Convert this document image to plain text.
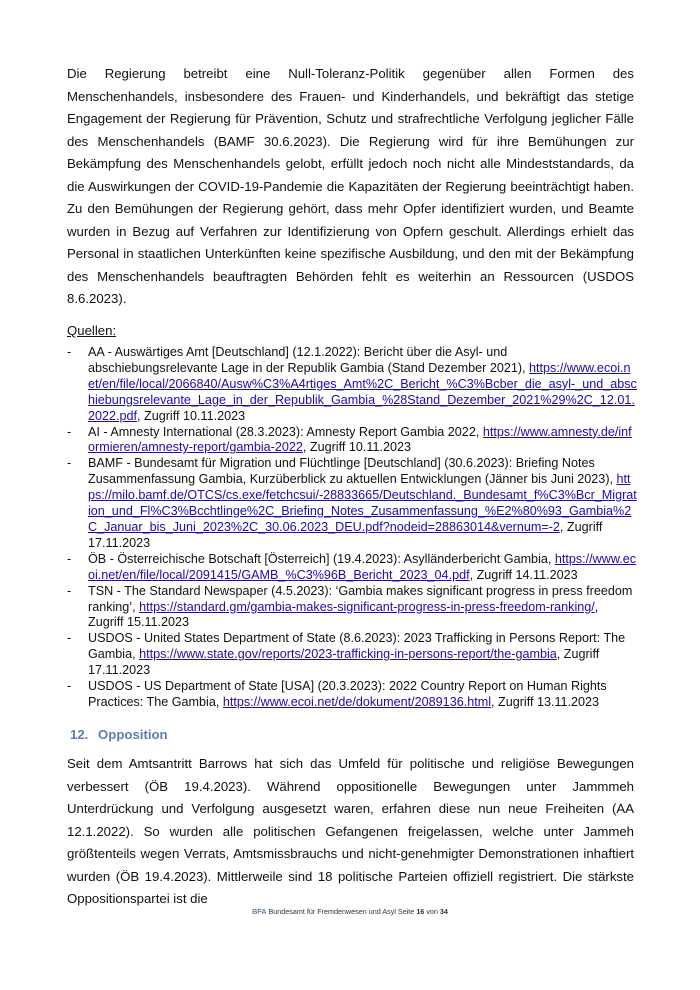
Die Regierung betreibt eine Null-Toleranz-Politik gegenüber allen Formen des Menschenhandels, insbesondere des Frauen- und Kinderhandels, und bekräftigt das stetige Engagement der Regierung für Prävention, Schutz und strafrechtliche Verfolgung jeglicher Fälle des Menschenhandels (BAMF 30.6.2023). Die Regierung wird für ihre Bemühungen zur Bekämpfung des Menschenhandels gelobt, erfüllt jedoch noch nicht alle Mindeststandards, da die Auswirkungen der COVID-19-Pandemie die Kapazitäten der Regierung beeinträchtigt haben. Zu den Bemühungen der Regierung gehört, dass mehr Opfer identifiziert wurden, und Beamte wurden in Bezug auf Verfahren zur Identifizierung von Opfern geschult. Allerdings erhielt das Personal in staatlichen Unterkünften keine spezifische Ausbildung, und den mit der Bekämpfung des Menschenhandels beauftragten Behörden fehlt es weiterhin an Ressourcen (USDOS 8.6.2023).

Quellen:

- AA - Auswärtiges Amt [Deutschland] (12.1.2022): Bericht über die Asyl- und abschiebungsrelevante Lage in der Republik Gambia (Stand Dezember 2021), https://www.ecoi.net/en/file/local/2066840/Ausw%C3%A4rtiges_Amt%2C_Bericht_%C3%Bcber_die_asyl-_und_abschiebungsrelevante_Lage_in_der_Republik_Gambia_%28Stand_Dezember_2021%29%2C_12.01.2022.pdf, Zugriff 10.11.2023
- AI - Amnesty International (28.3.2023): Amnesty Report Gambia 2022, https://www.amnesty.de/informieren/amnesty-report/gambia-2022, Zugriff 10.11.2023
- BAMF - Bundesamt für Migration und Flüchtlinge [Deutschland] (30.6.2023): Briefing Notes Zusammenfassung Gambia, Kurzüberblick zu aktuellen Entwicklungen (Jänner bis Juni 2023), https://milo.bamf.de/OTCS/cs.exe/fetchcsui/-28833665/Deutschland._Bundesamt_f%C3%Bcr_Migration_und_Fl%C3%Bcchtlinge%2C_Briefing_Notes_Zusammenfassung_%E2%80%93_Gambia%2C_Januar_bis_Juni_2023%2C_30.06.2023_DEU.pdf?nodeid=28863014&vernum=-2, Zugriff 17.11.2023
- ÖB - Österreichische Botschaft [Österreich] (19.4.2023): Asylländerbericht Gambia, https://www.ecoi.net/en/file/local/2091415/GAMB_%C3%96B_Bericht_2023_04.pdf, Zugriff 14.11.2023
- TSN - The Standard Newspaper (4.5.2023): ‘Gambia makes significant progress in press freedom ranking’, https://standard.gm/gambia-makes-significant-progress-in-press-freedom-ranking/, Zugriff 15.11.2023
- USDOS - United States Department of State (8.6.2023): 2023 Trafficking in Persons Report: The Gambia, https://www.state.gov/reports/2023-trafficking-in-persons-report/the-gambia, Zugriff 17.11.2023
- USDOS - US Department of State [USA] (20.3.2023): 2022 Country Report on Human Rights Practices: The Gambia, https://www.ecoi.net/de/dokument/2089136.html, Zugriff 13.11.2023
12. Opposition

Seit dem Amtsantritt Barrows hat sich das Umfeld für politische und religiöse Bewegungen verbessert (ÖB 19.4.2023). Während oppositionelle Bewegungen unter Jammmeh Unterdrückung und Verfolgung ausgesetzt waren, erfahren diese nun neue Freiheiten (AA 12.1.2022). So wurden alle politischen Gefangenen freigelassen, welche unter Jammeh größtenteils wegen Verrats, Amtsmissbrauchs und nicht-genehmigter Demonstrationen inhaftiert wurden (ÖB 19.4.2023). Mittlerweile sind 18 politische Parteien offiziell registriert. Die stärkste Oppositionspartei ist die

BFA Bundesamt für Fremdenwesen und Asyl Seite 16 von 34
